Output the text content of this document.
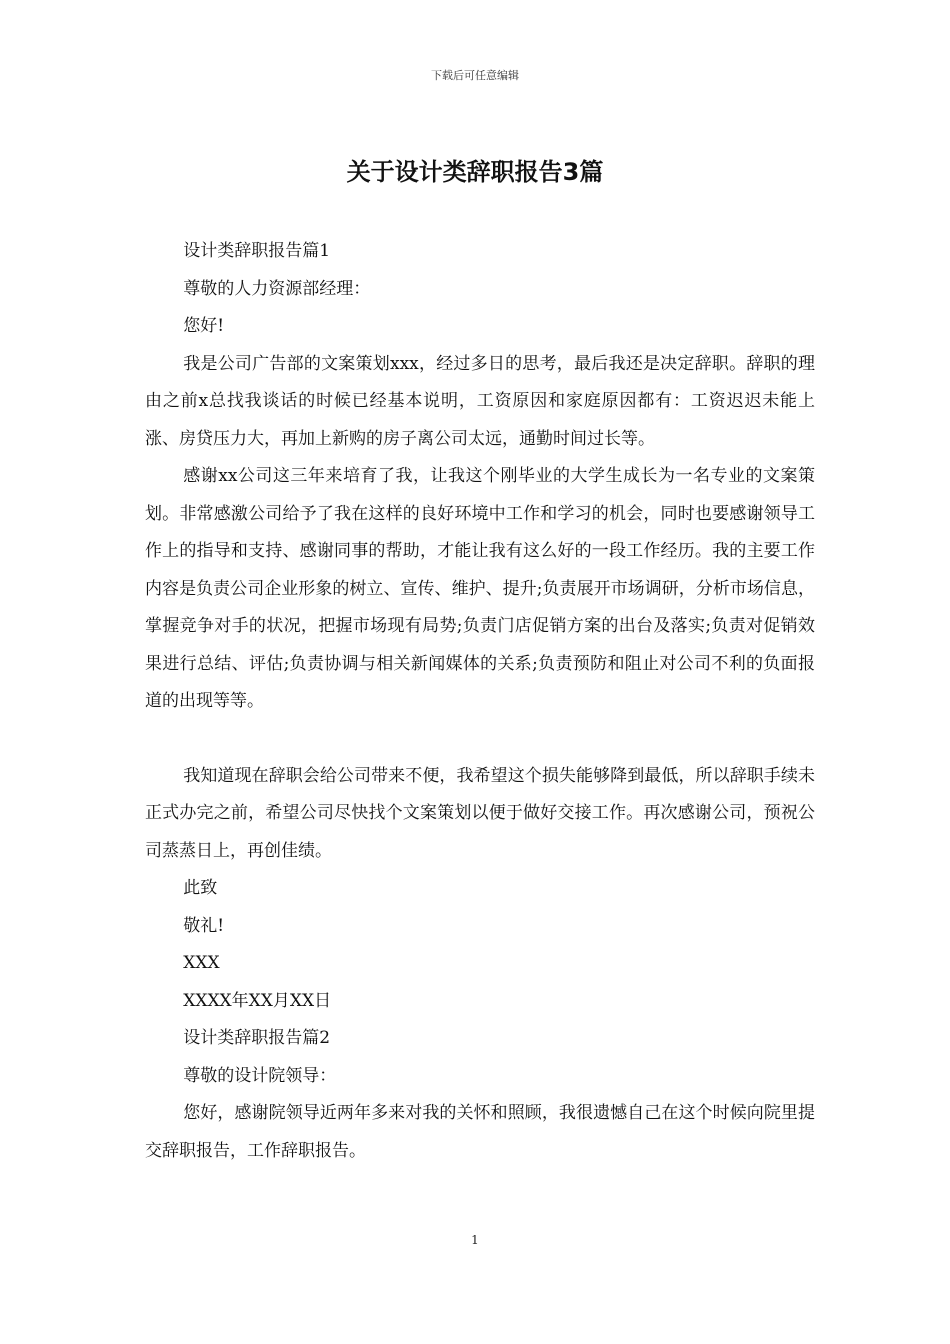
下载后可任意编辑
关于设计类辞职报告3篇

设计类辞职报告篇1

尊敬的人力资源部经理：

您好!

我是公司广告部的文案策划xxx，经过多日的思考，最后我还是决定辞职。辞职的理由之前x总找我谈话的时候已经基本说明，工资原因和家庭原因都有：工资迟迟未能上涨、房贷压力大，再加上新购的房子离公司太远，通勤时间过长等。

感谢xx公司这三年来培育了我，让我这个刚毕业的大学生成长为一名专业的文案策划。非常感激公司给予了我在这样的良好环境中工作和学习的机会，同时也要感谢领导工作上的指导和支持、感谢同事的帮助，才能让我有这么好的一段工作经历。我的主要工作内容是负责公司企业形象的树立、宣传、维护、提升;负责展开市场调研，分析市场信息，掌握竞争对手的状况，把握市场现有局势;负责门店促销方案的出台及落实;负责对促销效果进行总结、评估;负责协调与相关新闻媒体的关系;负责预防和阻止对公司不利的负面报道的出现等等。

我知道现在辞职会给公司带来不便，我希望这个损失能够降到最低，所以辞职手续未正式办完之前，希望公司尽快找个文案策划以便于做好交接工作。再次感谢公司，预祝公司蒸蒸日上，再创佳绩。

此致

敬礼!

XXX

XXXX年XX月XX日

设计类辞职报告篇2

尊敬的设计院领导：

您好，感谢院领导近两年多来对我的关怀和照顾，我很遗憾自己在这个时候向院里提交辞职报告，工作辞职报告。

1
